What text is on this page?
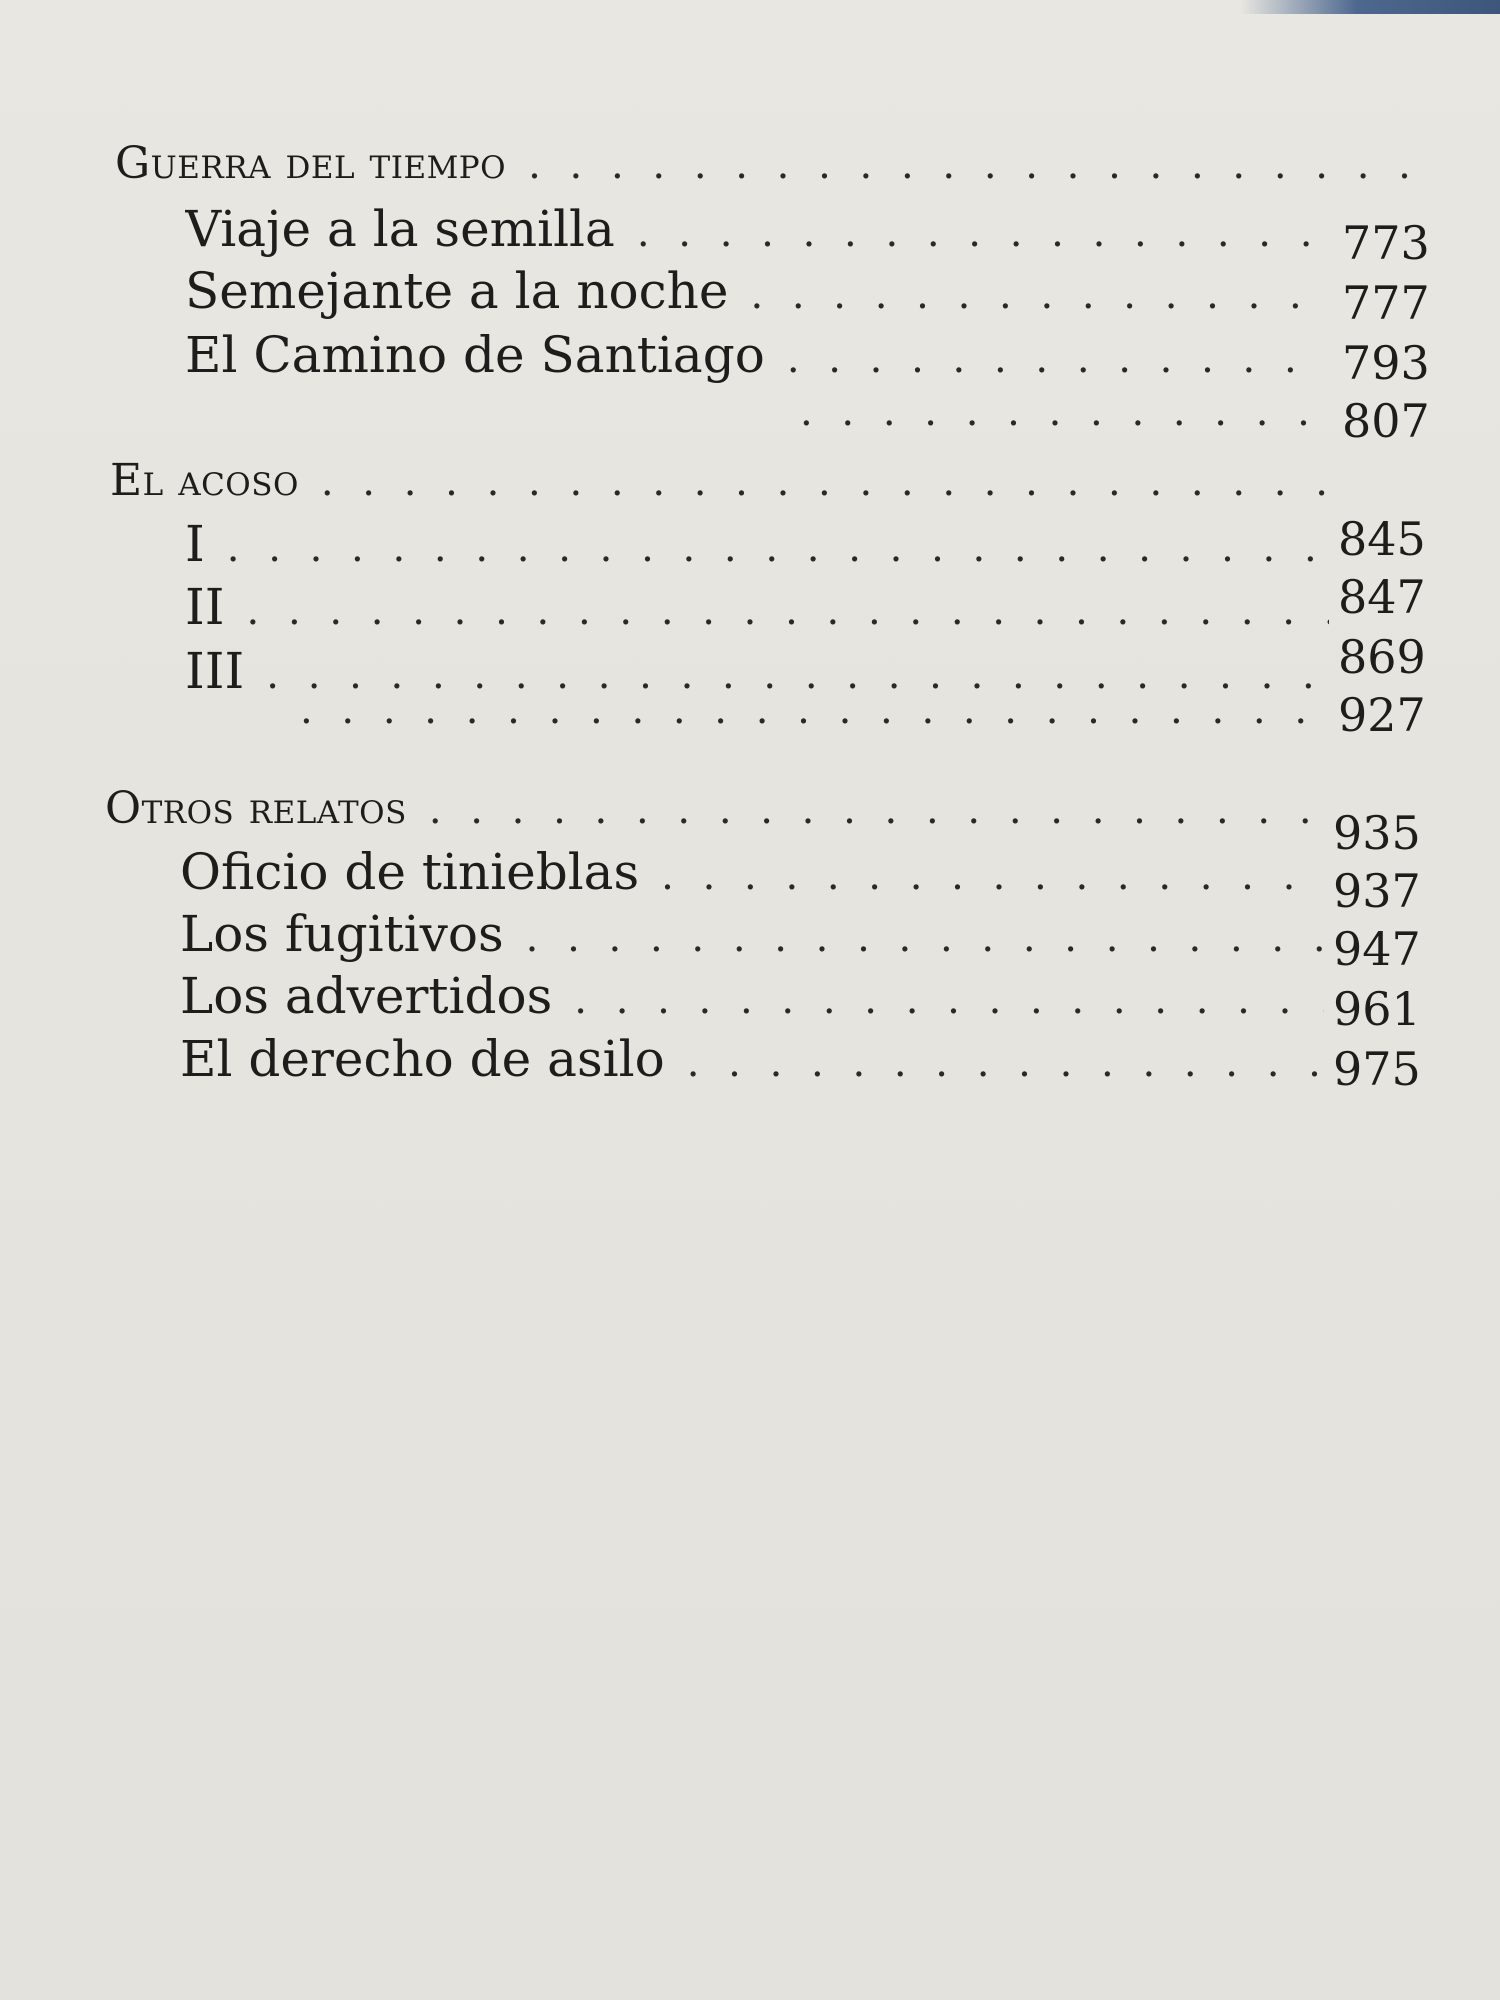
Guerra del tiempo
. . .
Viaje a la semilla
. . .
Semejante a la noche
. . .
El Camino de Santiago
. . .
. . .
773
777
793
807
El acoso
. . .
I
. . .
II
. . .
III
. . .
. . .
845
847
869
927
Otros relatos
. . .
Oficio de tinieblas
. . .
Los fugitivos
. . .
Los advertidos
. . .
El derecho de asilo
. . .
935
937
947
961
975
